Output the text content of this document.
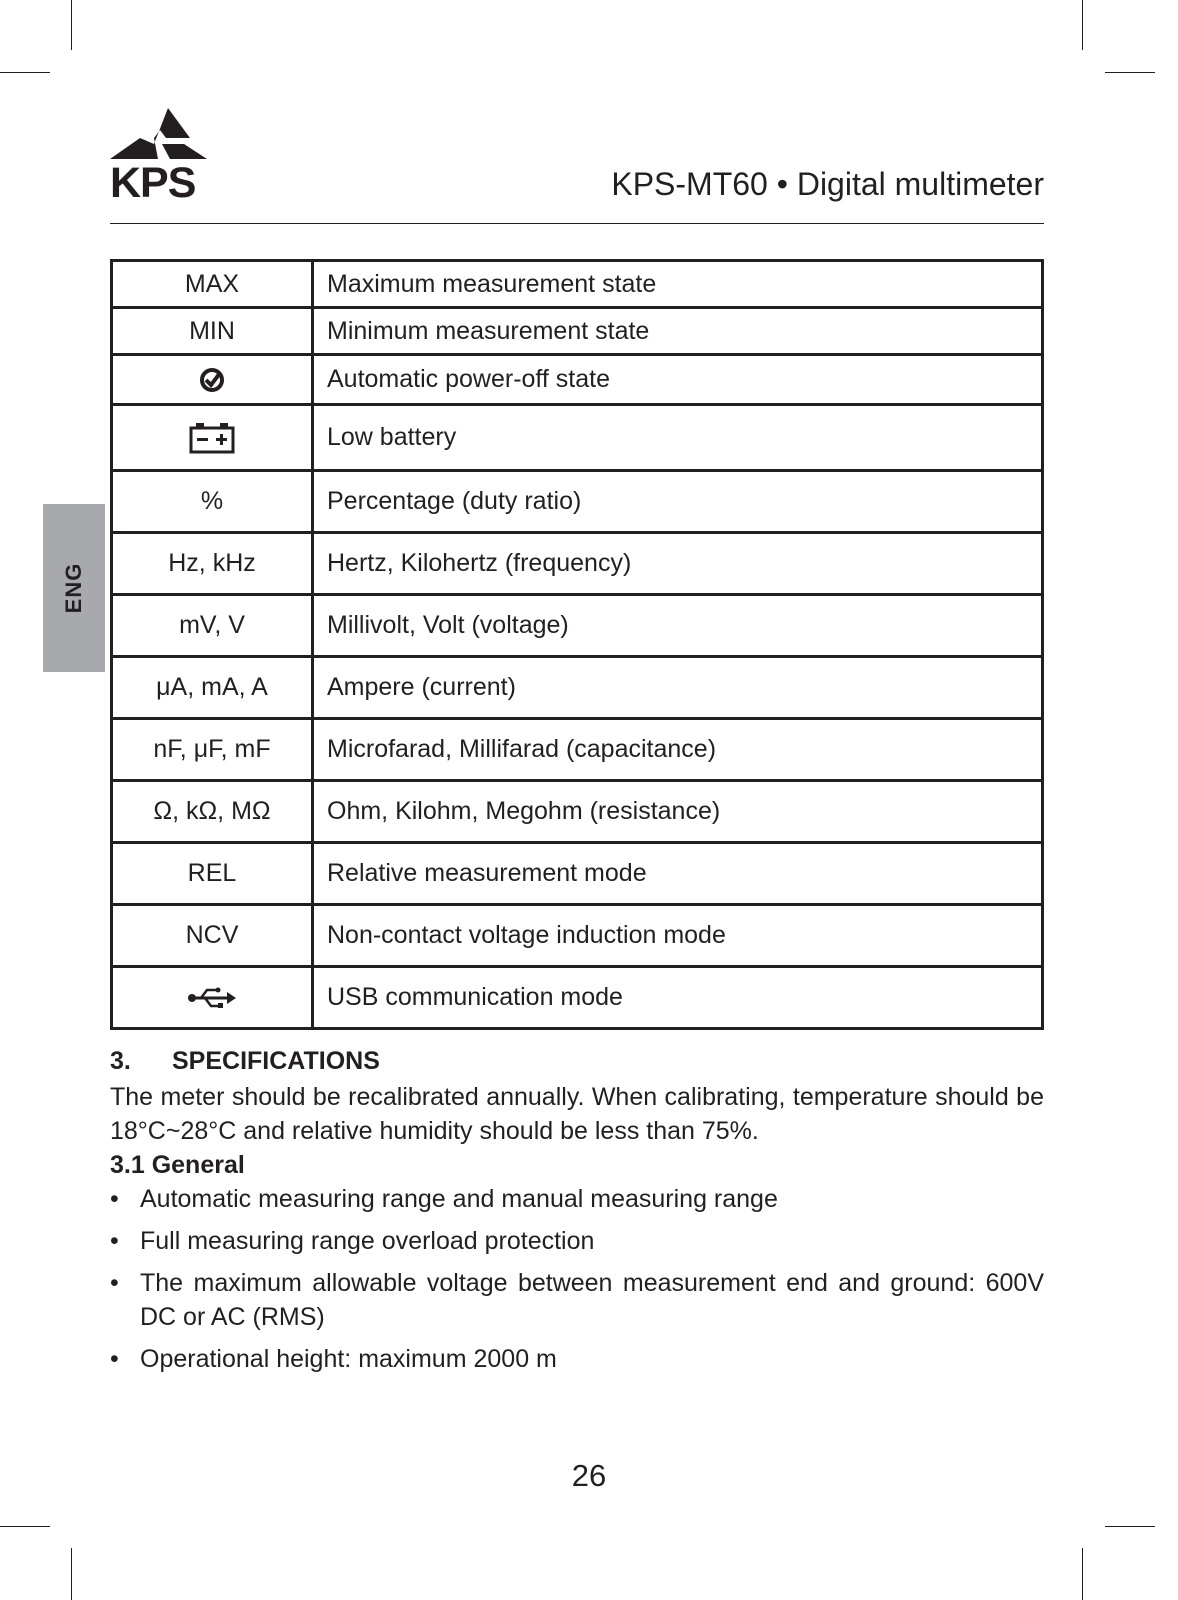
KPS	KPS-MT60 • Digital multimeter
ENG
MAX	Maximum measurement state
MIN	Minimum measurement state
	Automatic power-off state
	Low battery
%	Percentage (duty ratio)
Hz, kHz	Hertz, Kilohertz (frequency)
mV, V	Millivolt, Volt (voltage)
μA, mA, A	Ampere (current)
nF, μF, mF	Microfarad, Millifarad (capacitance)
Ω, kΩ, MΩ	Ohm, Kilohm, Megohm (resistance)
REL	Relative measurement mode
NCV	Non-contact voltage induction mode
	USB communication mode
3. SPECIFICATIONS
The meter should be recalibrated annually. When calibrating, temperature should be 18°C~28°C and relative humidity should be less than 75%.
3.1 General
• Automatic measuring range and manual measuring range
• Full measuring range overload protection
• The maximum allowable voltage between measurement end and ground: 600V DC or AC (RMS)
• Operational height: maximum 2000 m
26
